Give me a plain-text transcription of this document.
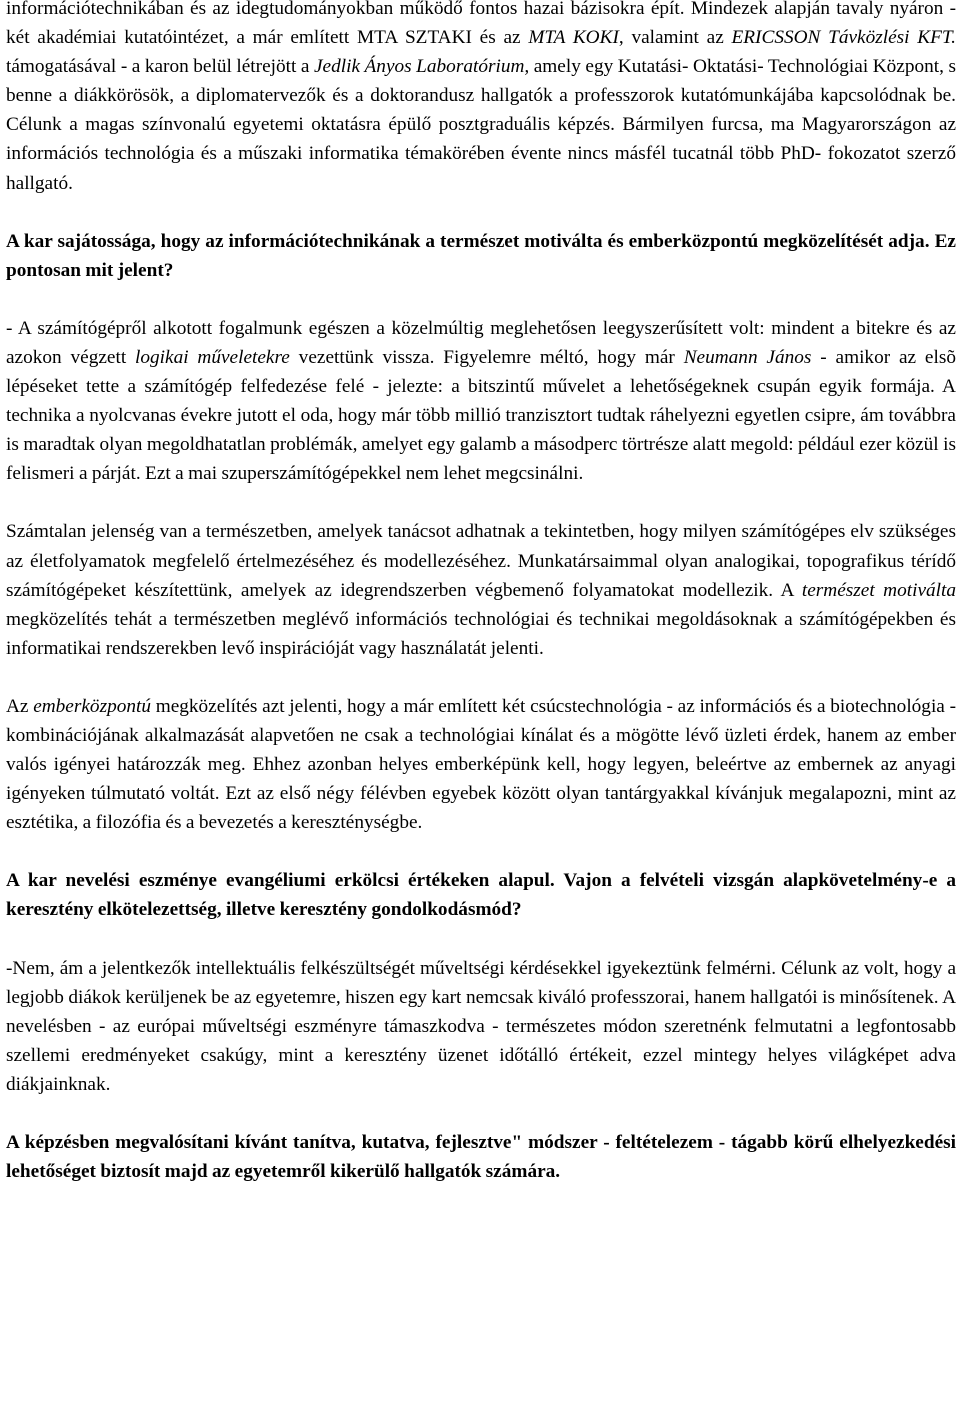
információtechnikában és az idegtudományokban működő fontos hazai bázisokra épít. Mindezek alapján tavaly nyáron - két akadémiai kutatóintézet, a már említett MTA SZTAKI és az MTA KOKI, valamint az ERICSSON Távközlési KFT. támogatásával - a karon belül létrejött a Jedlik Ányos Laboratórium, amely egy Kutatási- Oktatási- Technológiai Központ, s benne a diákkörösök, a diplomatervezők és a doktorandusz hallgatók a professzorok kutatómunkájába kapcsolódnak be. Célunk a magas színvonalú egyetemi oktatásra épülő posztgraduális képzés. Bármilyen furcsa, ma Magyarországon az információs technológia és a műszaki informatika témakörében évente nincs másfél tucatnál több PhD- fokozatot szerző hallgató.

A kar sajátossága, hogy az információtechnikának a természet motiválta és emberközpontú megközelítését adja. Ez pontosan mit jelent?

- A számítógépről alkotott fogalmunk egészen a közelmúltig meglehetősen leegyszerűsített volt: mindent a bitekre és az azokon végzett logikai műveletekre vezettünk vissza. Figyelemre méltó, hogy már Neumann János - amikor az elsõ lépéseket tette a számítógép felfedezése felé - jelezte: a bitszintű művelet a lehetőségeknek csupán egyik formája. A technika a nyolcvanas évekre jutott el oda, hogy már több millió tranzisztort tudtak ráhelyezni egyetlen csipre, ám továbbra is maradtak olyan megoldhatatlan problémák, amelyet egy galamb a másodperc törtrésze alatt megold: például ezer közül is felismeri a párját. Ezt a mai szuperszámítógépekkel nem lehet megcsinálni.

Számtalan jelenség van a természetben, amelyek tanácsot adhatnak a tekintetben, hogy milyen számítógépes elv szükséges az életfolyamatok megfelelő értelmezéséhez és modellezéséhez. Munkatársaimmal olyan analogikai, topografikus térídő számítógépeket készítettünk, amelyek az idegrendszerben végbemenő folyamatokat modellezik. A természet motiválta megközelítés tehát a természetben meglévő információs technológiai és technikai megoldásoknak a számítógépekben és informatikai rendszerekben levő inspirációját vagy használatát jelenti.

Az emberközpontú megközelítés azt jelenti, hogy a már említett két csúcstechnológia - az információs és a biotechnológia - kombinációjának alkalmazását alapvetően ne csak a technológiai kínálat és a mögötte lévő üzleti érdek, hanem az ember valós igényei határozzák meg. Ehhez azonban helyes emberképünk kell, hogy legyen, beleértve az embernek az anyagi igényeken túlmutató voltát. Ezt az első négy félévben egyebek között olyan tantárgyakkal kívánjuk megalapozni, mint az esztétika, a filozófia és a bevezetés a kereszténységbe.

A kar nevelési eszménye evangéliumi erkölcsi értékeken alapul. Vajon a felvételi vizsgán alapkövetelmény-e a keresztény elkötelezettség, illetve keresztény gondolkodásmód?

-Nem, ám a jelentkezők intellektuális felkészültségét műveltségi kérdésekkel igyekeztünk felmérni. Célunk az volt, hogy a legjobb diákok kerüljenek be az egyetemre, hiszen egy kart nemcsak kiváló professzorai, hanem hallgatói is minősítenek. A nevelésben - az európai műveltségi eszményre támaszkodva - természetes módon szeretnénk felmutatni a legfontosabb szellemi eredményeket csakúgy, mint a keresztény üzenet időtálló értékeit, ezzel mintegy helyes világképet adva diákjainknak.

A képzésben megvalósítani kívánt tanítva, kutatva, fejlesztve" módszer - feltételezem - tágabb körű elhelyezkedési lehetőséget biztosít majd az egyetemről kikerülő hallgatók számára.
